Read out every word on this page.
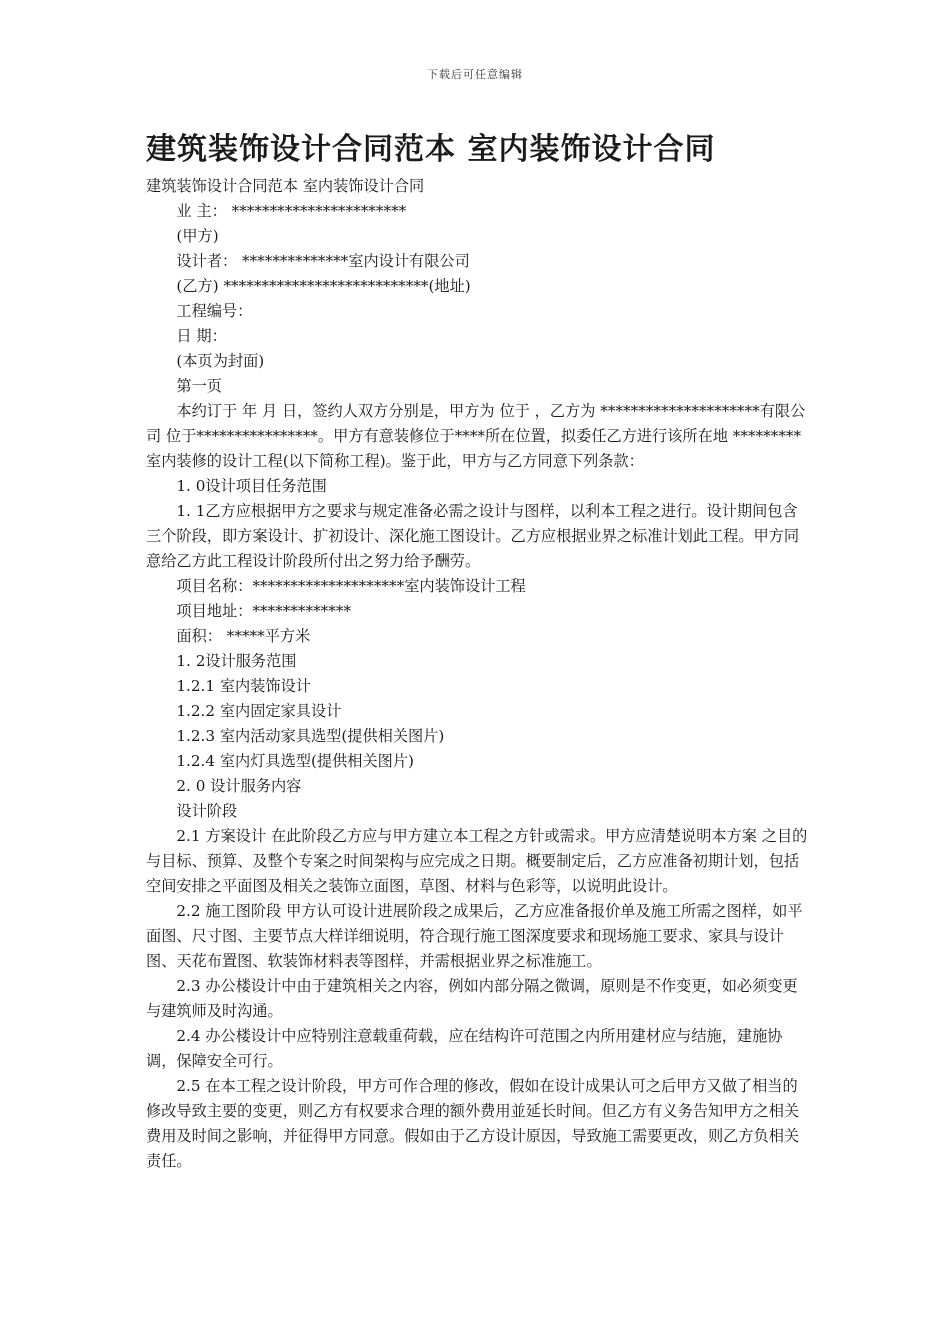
下载后可任意编辑
建筑装饰设计合同范本 室内装饰设计合同

建筑装饰设计合同范本 室内装饰设计合同

业 主： ***********************

(甲方)

设计者： **************室内设计有限公司

(乙方) ***************************(地址)

工程编号：

日 期：

(本页为封面)

第一页

本约订于 年 月 日，签约人双方分别是，甲方为 位于 ，乙方为 *********************有限公司 位于****************。甲方有意装修位于****所在位置，拟委任乙方进行该所在地 *********室内装修的设计工程(以下简称工程)。鉴于此，甲方与乙方同意下列条款：

1. 0设计项目任务范围

1. 1乙方应根据甲方之要求与规定准备必需之设计与图样，以利本工程之进行。设计期间包含三个阶段，即方案设计、扩初设计、深化施工图设计。乙方应根据业界之标准计划此工程。甲方同意给乙方此工程设计阶段所付出之努力给予酬劳。

项目名称：********************室内装饰设计工程

项目地址：*************

面积： *****平方米

1. 2设计服务范围

1.2.1 室内装饰设计

1.2.2 室内固定家具设计

1.2.3 室内活动家具选型(提供相关图片)

1.2.4 室内灯具选型(提供相关图片)

2. 0 设计服务内容

设计阶段

2.1 方案设计 在此阶段乙方应与甲方建立本工程之方针或需求。甲方应清楚说明本方案 之目的与目标、预算、及整个专案之时间架构与应完成之日期。概要制定后，乙方应准备初期计划，包括空间安排之平面图及相关之装饰立面图，草图、材料与色彩等，以说明此设计。

2.2 施工图阶段 甲方认可设计进展阶段之成果后，乙方应准备报价单及施工所需之图样，如平面图、尺寸图、主要节点大样详细说明，符合现行施工图深度要求和现场施工要求、家具与设计图、天花布置图、软装饰材料表等图样，并需根据业界之标准施工。

2.3 办公楼设计中由于建筑相关之内容，例如内部分隔之微调，原则是不作变更，如必须变更与建筑师及时沟通。

2.4 办公楼设计中应特别注意载重荷载，应在结构许可范围之内所用建材应与结施，建施协调，保障安全可行。

2.5 在本工程之设计阶段，甲方可作合理的修改，假如在设计成果认可之后甲方又做了相当的修改导致主要的变更，则乙方有权要求合理的额外费用並延长时间。但乙方有义务告知甲方之相关费用及时间之影响，并征得甲方同意。假如由于乙方设计原因，导致施工需要更改，则乙方负相关责任。
